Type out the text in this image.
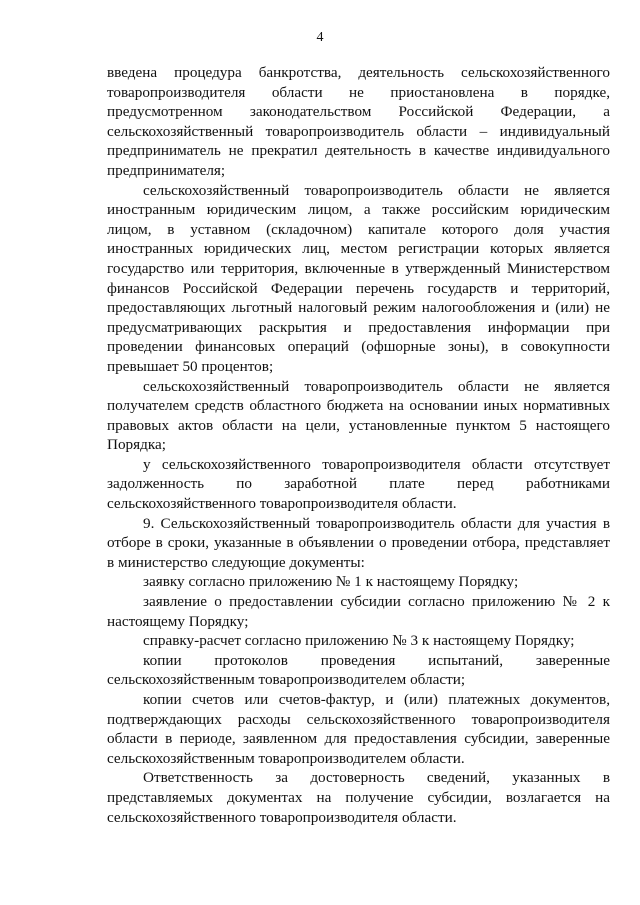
4

введена процедура банкротства, деятельность сельскохозяйственного товаропроизводителя области не приостановлена в порядке, предусмотренном законодательством Российской Федерации, а сельскохозяйственный товаропроизводитель области – индивидуальный предприниматель не прекратил деятельность в качестве индивидуального предпринимателя;

сельскохозяйственный товаропроизводитель области не является иностранным юридическим лицом, а также российским юридическим лицом, в уставном (складочном) капитале которого доля участия иностранных юридических лиц, местом регистрации которых является государство или территория, включенные в утвержденный Министерством финансов Российской Федерации перечень государств и территорий, предоставляющих льготный налоговый режим налогообложения и (или) не предусматривающих раскрытия и предоставления информации при проведении финансовых операций (офшорные зоны), в совокупности превышает 50 процентов;

сельскохозяйственный товаропроизводитель области не является получателем средств областного бюджета на основании иных нормативных правовых актов области на цели, установленные пунктом 5 настоящего Порядка;

у сельскохозяйственного товаропроизводителя области отсутствует задолженность по заработной плате перед работниками сельскохозяйственного товаропроизводителя области.

9. Сельскохозяйственный товаропроизводитель области для участия в отборе в сроки, указанные в объявлении о проведении отбора, представляет в министерство следующие документы:

заявку согласно приложению № 1 к настоящему Порядку;

заявление о предоставлении субсидии согласно приложению № 2 к настоящему Порядку;

справку-расчет согласно приложению № 3 к настоящему Порядку;

копии протоколов проведения испытаний, заверенные сельскохозяйственным товаропроизводителем области;

копии счетов или счетов-фактур, и (или) платежных документов, подтверждающих расходы сельскохозяйственного товаропроизводителя области в периоде, заявленном для предоставления субсидии, заверенные сельскохозяйственным товаропроизводителем области.

Ответственность за достоверность сведений, указанных в представляемых документах на получение субсидии, возлагается на сельскохозяйственного товаропроизводителя области.
